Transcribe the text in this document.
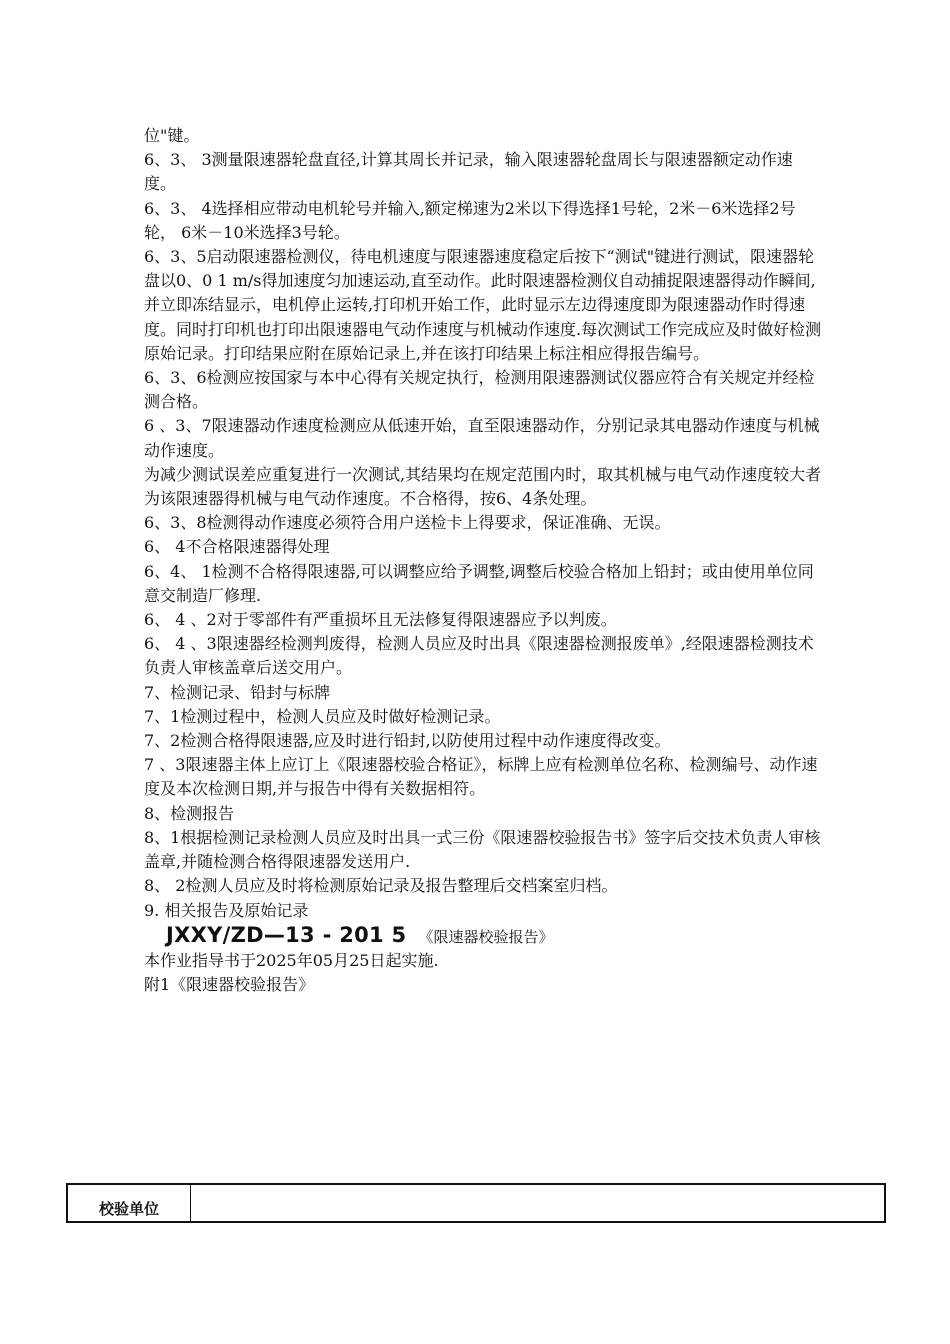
位"键。

6、3、 3测量限速器轮盘直径,计算其周长并记录，输入限速器轮盘周长与限速器额定动作速度。

6、3、 4选择相应带动电机轮号并输入,额定梯速为2米以下得选择1号轮，2米－6米选择2号轮， 6米－10米选择3号轮。

6、3、5启动限速器检测仪，待电机速度与限速器速度稳定后按下“测试"键进行测试，限速器轮盘以0、0 1 m/s得加速度匀加速运动,直至动作。此时限速器检测仪自动捕捉限速器得动作瞬间,并立即冻结显示，电机停止运转,打印机开始工作，此时显示左边得速度即为限速器动作时得速度。同时打印机也打印出限速器电气动作速度与机械动作速度.每次测试工作完成应及时做好检测原始记录。打印结果应附在原始记录上,并在该打印结果上标注相应得报告编号。

6、3、6检测应按国家与本中心得有关规定执行，检测用限速器测试仪器应符合有关规定并经检测合格。

6 、3、7限速器动作速度检测应从低速开始，直至限速器动作，分别记录其电器动作速度与机械动作速度。

为减少测试误差应重复进行一次测试,其结果均在规定范围内时，取其机械与电气动作速度较大者为该限速器得机械与电气动作速度。不合格得，按6、4条处理。

6、3、8检测得动作速度必须符合用户送检卡上得要求，保证准确、无误。

6、 4不合格限速器得处理

6、4、 1检测不合格得限速器,可以调整应给予调整,调整后校验合格加上铅封；或由使用单位同意交制造厂修理.

6、 4 、2对于零部件有严重损坏且无法修复得限速器应予以判废。

6、 4 、3限速器经检测判废得，检测人员应及时出具《限速器检测报废单》,经限速器检测技术负责人审核盖章后送交用户。

7、检测记录、铅封与标牌

7、1检测过程中，检测人员应及时做好检测记录。

7、2检测合格得限速器,应及时进行铅封,以防使用过程中动作速度得改变。

7 、3限速器主体上应订上《限速器校验合格证》，标牌上应有检测单位名称、检测编号、动作速度及本次检测日期,并与报告中得有关数据相符。

8、检测报告

8、1根据检测记录检测人员应及时出具一式三份《限速器校验报告书》签字后交技术负责人审核盖章,并随检测合格得限速器发送用户.

8、 2检测人员应及时将检测原始记录及报告整理后交档案室归档。

9. 相关报告及原始记录

JXXY/ZD—13 - 201 5 《限速器校验报告》

本作业指导书于2025年05月25日起实施.

附1《限速器校验报告》

校验单位	
